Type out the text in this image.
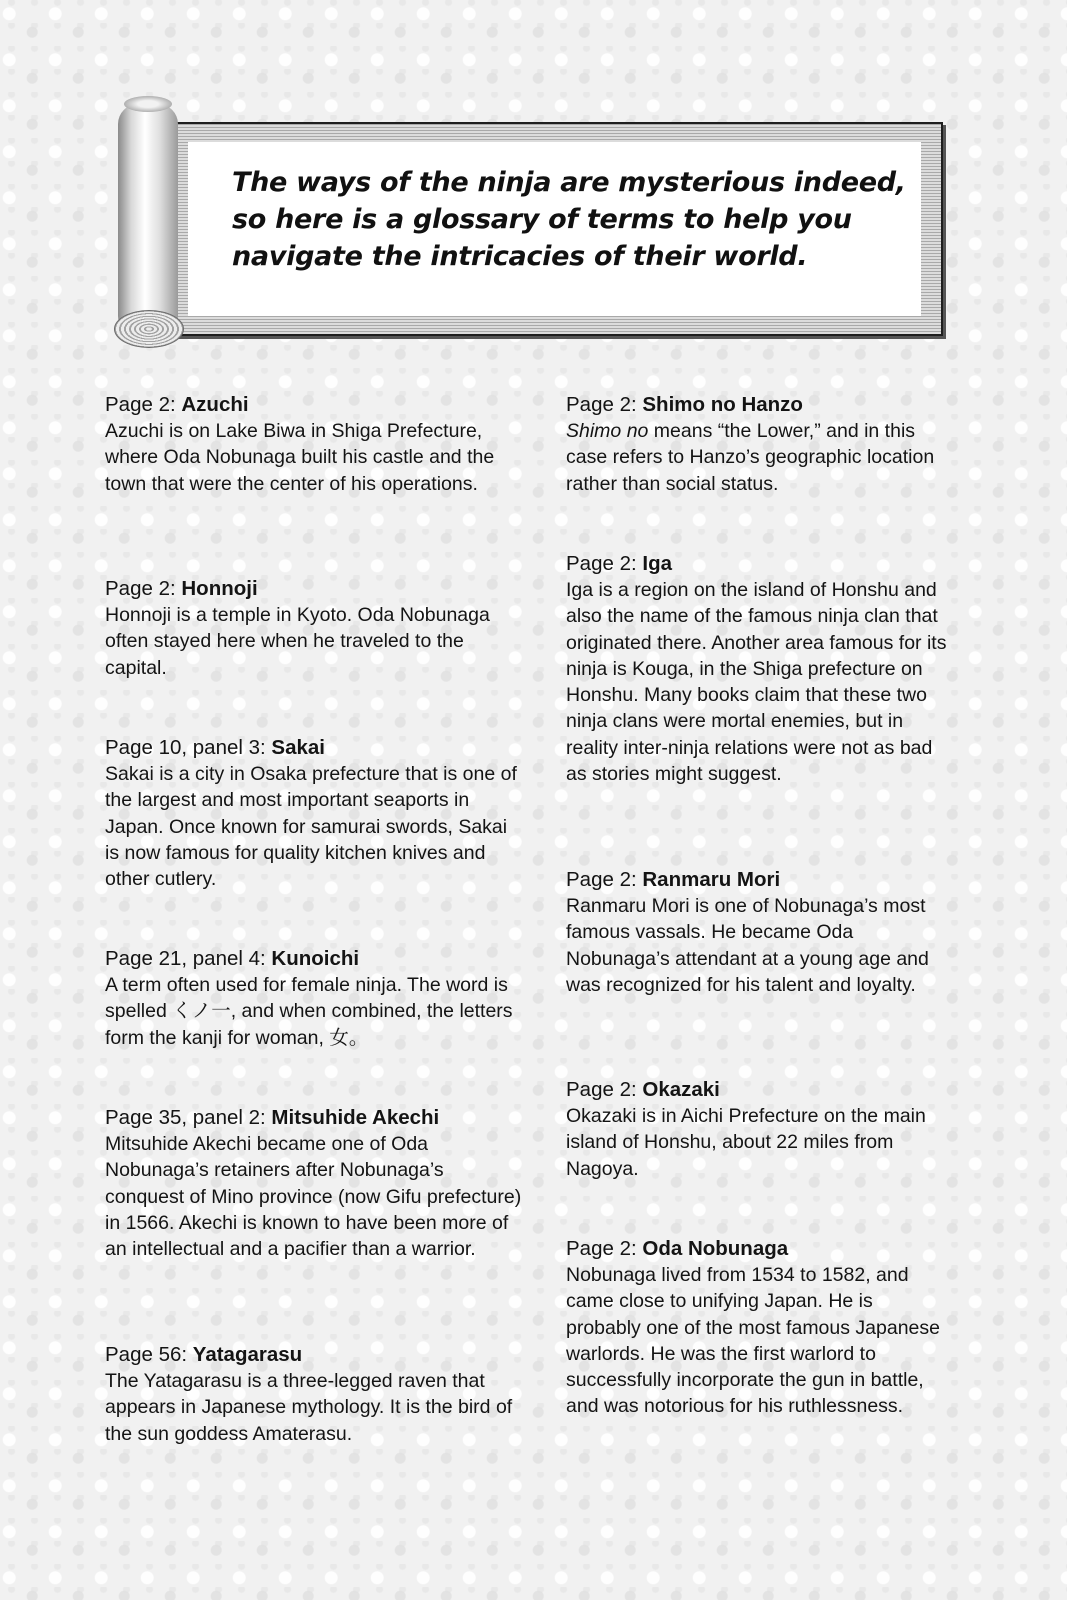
The ways of the ninja are mysterious indeed, so here is a glossary of terms to help you navigate the intricacies of their world.

Page 2: Azuchi

Azuchi is on Lake Biwa in Shiga Prefecture, where Oda Nobunaga built his castle and the town that were the center of his operations.

Page 2: Honnoji

Honnoji is a temple in Kyoto. Oda Nobunaga often stayed here when he traveled to the capital.

Page 10, panel 3: Sakai

Sakai is a city in Osaka prefecture that is one of the largest and most important seaports in Japan. Once known for samurai swords, Sakai is now famous for quality kitchen knives and other cutlery.

Page 21, panel 4: Kunoichi

A term often used for female ninja. The word is spelled くノ一, and when combined, the letters form the kanji for woman, 女。

Page 35, panel 2: Mitsuhide Akechi

Mitsuhide Akechi became one of Oda Nobunaga’s retainers after Nobunaga’s conquest of Mino province (now Gifu prefecture) in 1566. Akechi is known to have been more of an intellectual and a pacifier than a warrior.

Page 56: Yatagarasu

The Yatagarasu is a three-legged raven that appears in Japanese mythology. It is the bird of the sun goddess Amaterasu.

Page 2: Shimo no Hanzo

Shimo no means “the Lower,” and in this case refers to Hanzo’s geographic location rather than social status.

Page 2: Iga

Iga is a region on the island of Honshu and also the name of the famous ninja clan that originated there. Another area famous for its ninja is Kouga, in the Shiga prefecture on Honshu. Many books claim that these two ninja clans were mortal enemies, but in reality inter-ninja relations were not as bad as stories might suggest.

Page 2: Ranmaru Mori

Ranmaru Mori is one of Nobunaga’s most famous vassals. He became Oda Nobunaga’s attendant at a young age and was recognized for his talent and loyalty.

Page 2: Okazaki

Okazaki is in Aichi Prefecture on the main island of Honshu, about 22 miles from Nagoya.

Page 2: Oda Nobunaga

Nobunaga lived from 1534 to 1582, and came close to unifying Japan. He is probably one of the most famous Japanese warlords. He was the first warlord to successfully incorporate the gun in battle, and was notorious for his ruthlessness.
